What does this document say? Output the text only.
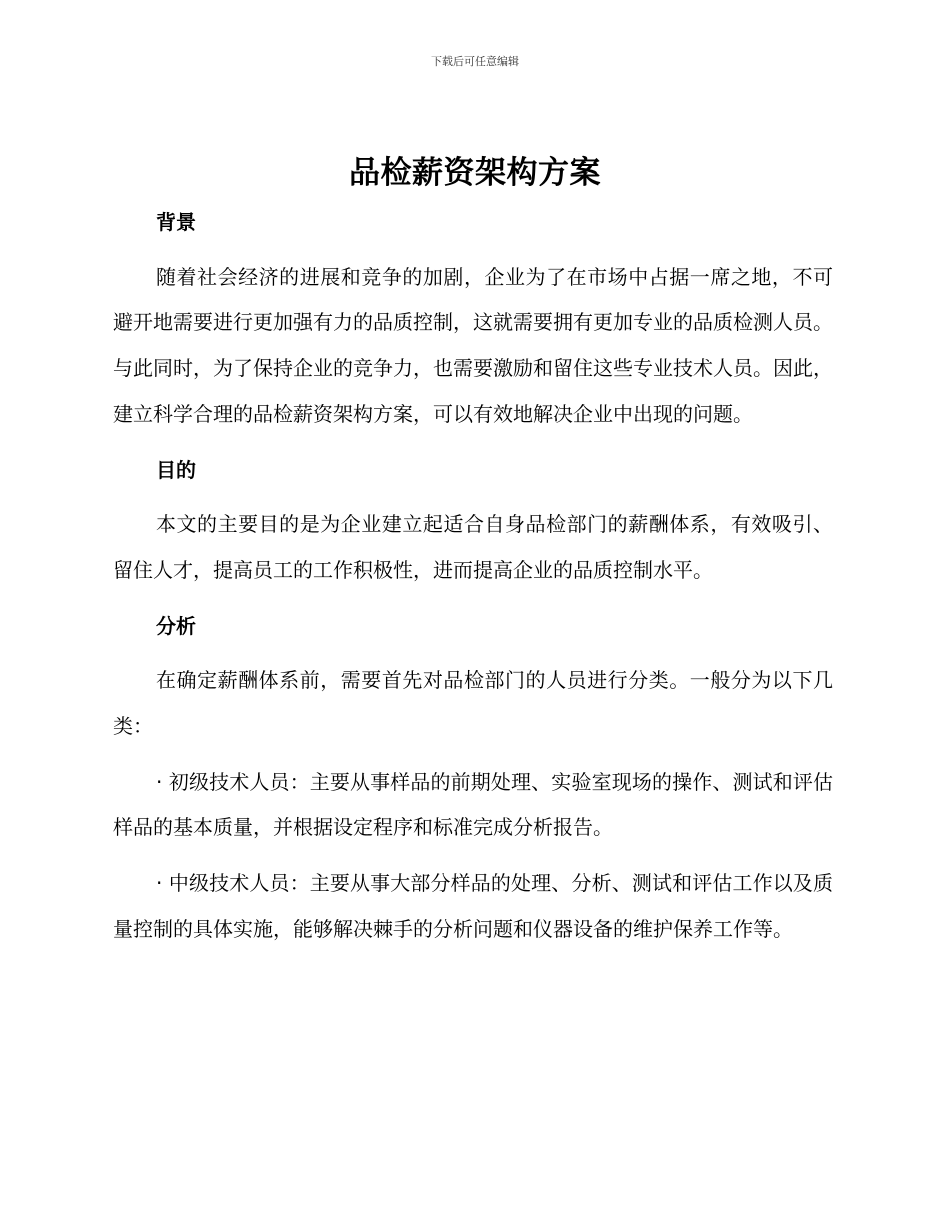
下载后可任意编辑
品检薪资架构方案

背景

随着社会经济的进展和竞争的加剧，企业为了在市场中占据一席之地，不可避开地需要进行更加强有力的品质控制，这就需要拥有更加专业的品质检测人员。与此同时，为了保持企业的竞争力，也需要激励和留住这些专业技术人员。因此，建立科学合理的品检薪资架构方案，可以有效地解决企业中出现的问题。

目的

本文的主要目的是为企业建立起适合自身品检部门的薪酬体系，有效吸引、留住人才，提高员工的工作积极性，进而提高企业的品质控制水平。

分析

在确定薪酬体系前，需要首先对品检部门的人员进行分类。一般分为以下几类：

· 初级技术人员：主要从事样品的前期处理、实验室现场的操作、测试和评估样品的基本质量，并根据设定程序和标准完成分析报告。

· 中级技术人员：主要从事大部分样品的处理、分析、测试和评估工作以及质量控制的具体实施，能够解决棘手的分析问题和仪器设备的维护保养工作等。
